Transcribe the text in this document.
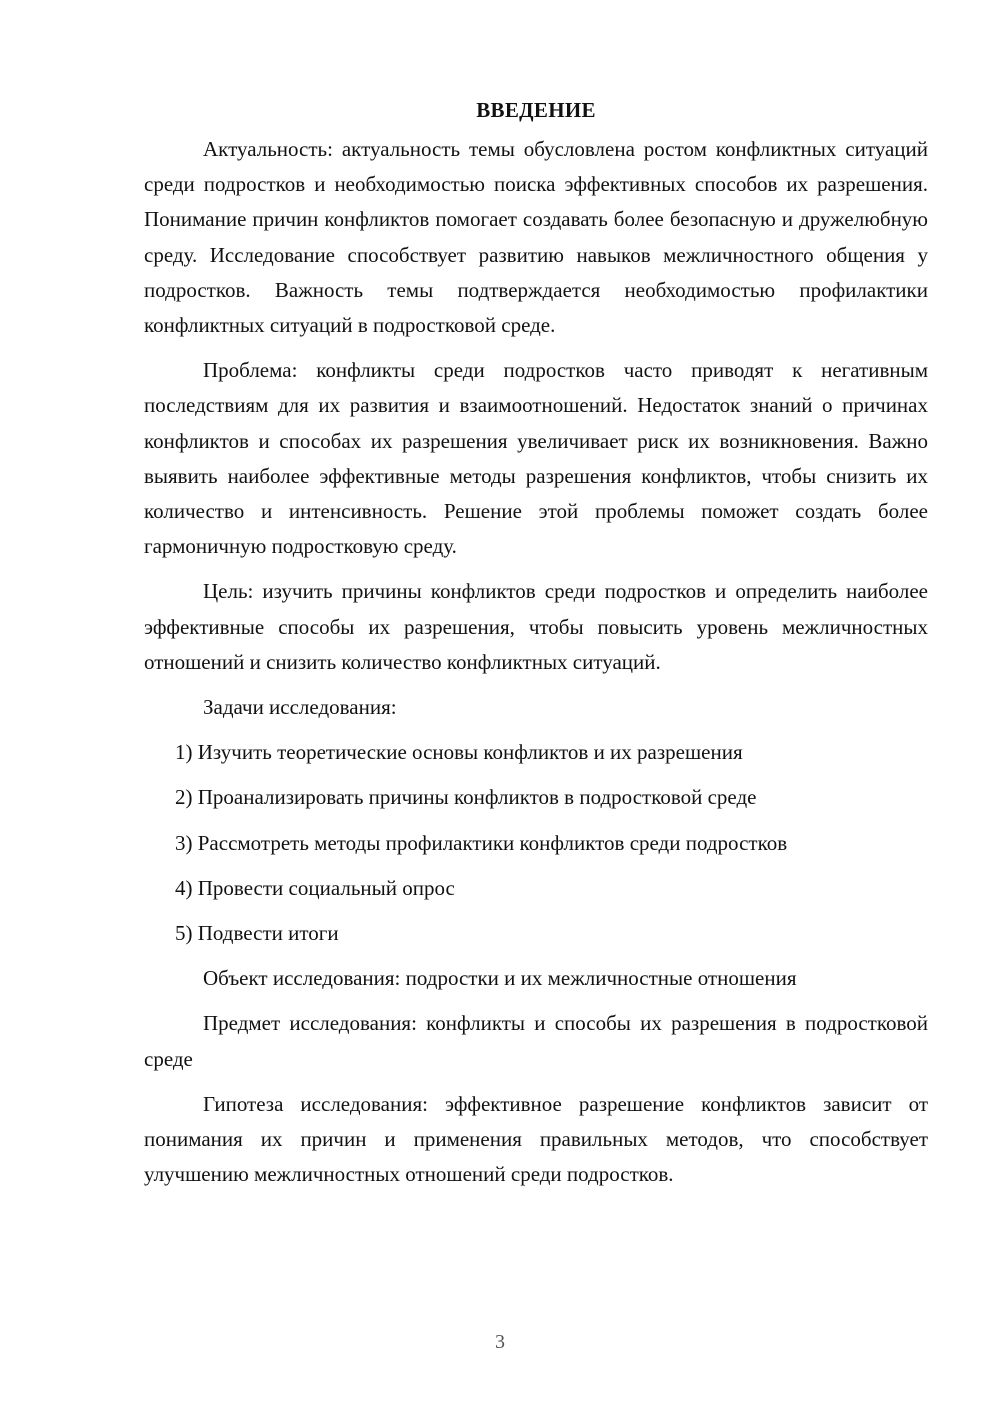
ВВЕДЕНИЕ

Актуальность: актуальность темы обусловлена ростом конфликтных ситуаций среди подростков и необходимостью поиска эффективных способов их разрешения. Понимание причин конфликтов помогает создавать более безопасную и дружелюбную среду. Исследование способствует развитию навыков межличностного общения у подростков. Важность темы подтверждается необходимостью профилактики конфликтных ситуаций в подростковой среде.

Проблема: конфликты среди подростков часто приводят к негативным последствиям для их развития и взаимоотношений. Недостаток знаний о причинах конфликтов и способах их разрешения увеличивает риск их возникновения. Важно выявить наиболее эффективные методы разрешения конфликтов, чтобы снизить их количество и интенсивность. Решение этой проблемы поможет создать более гармоничную подростковую среду.

Цель: изучить причины конфликтов среди подростков и определить наиболее эффективные способы их разрешения, чтобы повысить уровень межличностных отношений и снизить количество конфликтных ситуаций.

Задачи исследования:

1) Изучить теоретические основы конфликтов и их разрешения

2) Проанализировать причины конфликтов в подростковой среде

3) Рассмотреть методы профилактики конфликтов среди подростков

4) Провести социальный опрос

5) Подвести итоги

Объект исследования: подростки и их межличностные отношения

Предмет исследования: конфликты и способы их разрешения в подростковой среде

Гипотеза исследования: эффективное разрешение конфликтов зависит от понимания их причин и применения правильных методов, что способствует улучшению межличностных отношений среди подростков.

3
